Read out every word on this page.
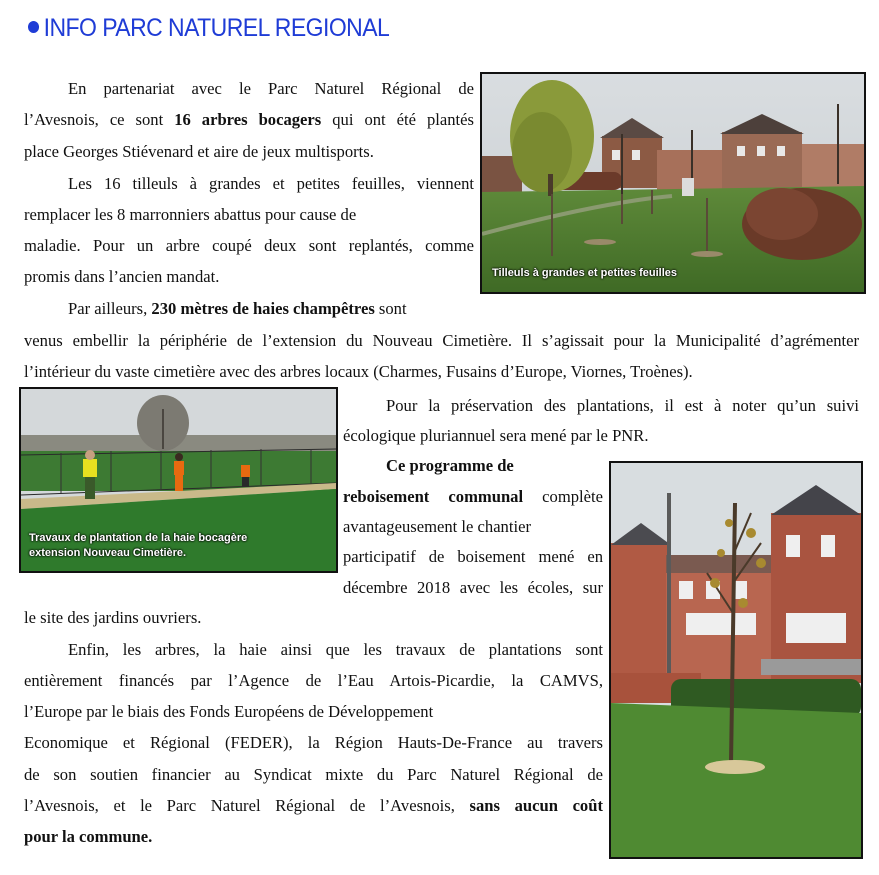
INFO PARC NATUREL REGIONAL
En partenariat avec le Parc Naturel Régional de
l’Avesnois, ce sont 16 arbres bocagers qui ont été plantés
place Georges Stiévenard et aire de jeux multisports.
Les 16 tilleuls à grandes et petites feuilles, viennent
remplacer les 8 marronniers abattus pour cause de
maladie. Pour un arbre coupé deux sont replantés, comme
promis dans l’ancien mandat.
Par ailleurs, 230 mètres de haies champêtres sont
venus embellir la périphérie de l’extension du Nouveau Cimetière. Il s’agissait pour la Municipalité d’agrémenter
l’intérieur du vaste cimetière avec des arbres locaux (Charmes, Fusains d’Europe, Viornes, Troènes).
Pour la préservation des plantations, il est à noter qu’un suivi
écologique pluriannuel sera mené par le PNR.
Ce programme de
reboisement communal complète
avantageusement le chantier
participatif de boisement mené en
décembre 2018 avec les écoles, sur
le site des jardins ouvriers.
Enfin, les arbres, la haie ainsi que les travaux de plantations sont
entièrement financés par l’Agence de l’Eau Artois-Picardie, la CAMVS,
l’Europe par le biais des Fonds Européens de Développement
Economique et Régional (FEDER), la Région Hauts-De-France au travers
de son soutien financier au Syndicat mixte du Parc Naturel Régional de
l’Avesnois, et le Parc Naturel Régional de l’Avesnois, sans aucun coût
pour la commune.
Tilleuls à grandes et petites feuilles
Travaux de plantation de la haie bocagère
extension Nouveau Cimetière.
